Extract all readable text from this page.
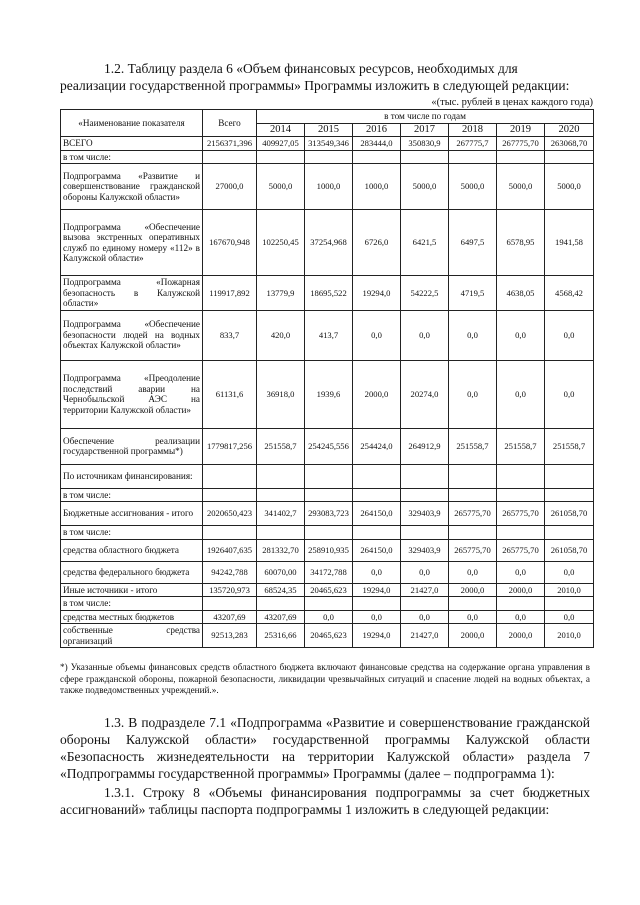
1.2. Таблицу раздела 6 «Объем финансовых ресурсов, необходимых для
реализации государственной программы» Программы изложить в следующей редакции:

«(тыс. рублей в ценах каждого года)

«Наименование показателя	Всего	в том числе по годам						
		2014	2015	2016	2017	2018	2019	2020
ВСЕГО	2156371,396	409927,05	313549,346	283444,0	350830,9	267775,7	267775,70	263068,70
в том числе:								
Подпрограмма «Развитие и совершенствование гражданской обороны Калужской области»	27000,0	5000,0	1000,0	1000,0	5000,0	5000,0	5000,0	5000,0
Подпрограмма «Обеспечение вызова экстренных оперативных служб по единому номеру «112» в Калужской области»	167670,948	102250,45	37254,968	6726,0	6421,5	6497,5	6578,95	1941,58
Подпрограмма «Пожарная безопасность в Калужской области»	119917,892	13779,9	18695,522	19294,0	54222,5	4719,5	4638,05	4568,42
Подпрограмма «Обеспечение безопасности людей на водных объектах Калужской области»	833,7	420,0	413,7	0,0	0,0	0,0	0,0	0,0
Подпрограмма «Преодоление последствий аварии на Чернобыльской АЭС на территории Калужской области»	61131,6	36918,0	1939,6	2000,0	20274,0	0,0	0,0	0,0
Обеспечение реализации государственной программы*)	1779817,256	251558,7	254245,556	254424,0	264912,9	251558,7	251558,7	251558,7
По источникам финансирования:								
в том числе:								
Бюджетные ассигнования - итого	2020650,423	341402,7	293083,723	264150,0	329403,9	265775,70	265775,70	261058,70
в том числе:								
средства областного бюджета	1926407,635	281332,70	258910,935	264150,0	329403,9	265775,70	265775,70	261058,70
средства федерального бюджета	94242,788	60070,00	34172,788	0,0	0,0	0,0	0,0	0,0
Иные источники - итого	135720,973	68524,35	20465,623	19294,0	21427,0	2000,0	2000,0	2010,0
в том числе:								
средства местных бюджетов	43207,69	43207,69	0,0	0,0	0,0	0,0	0,0	0,0
собственные средства организаций	92513,283	25316,66	20465,623	19294,0	21427,0	2000,0	2000,0	2010,0

*) Указанные объемы финансовых средств областного бюджета включают финансовые средства на содержание органа управления в сфере гражданской обороны, пожарной безопасности, ликвидации чрезвычайных ситуаций и спасение людей на водных объектах, а также подведомственных учреждений.».

1.3. В подразделе 7.1 «Подпрограмма «Развитие и совершенствование гражданской обороны Калужской области» государственной программы Калужской области «Безопасность жизнедеятельности на территории Калужской области» раздела 7 «Подпрограммы государственной программы» Программы (далее – подпрограмма 1):

1.3.1. Строку 8 «Объемы финансирования подпрограммы за счет бюджетных ассигнований» таблицы паспорта подпрограммы 1 изложить в следующей редакции:
